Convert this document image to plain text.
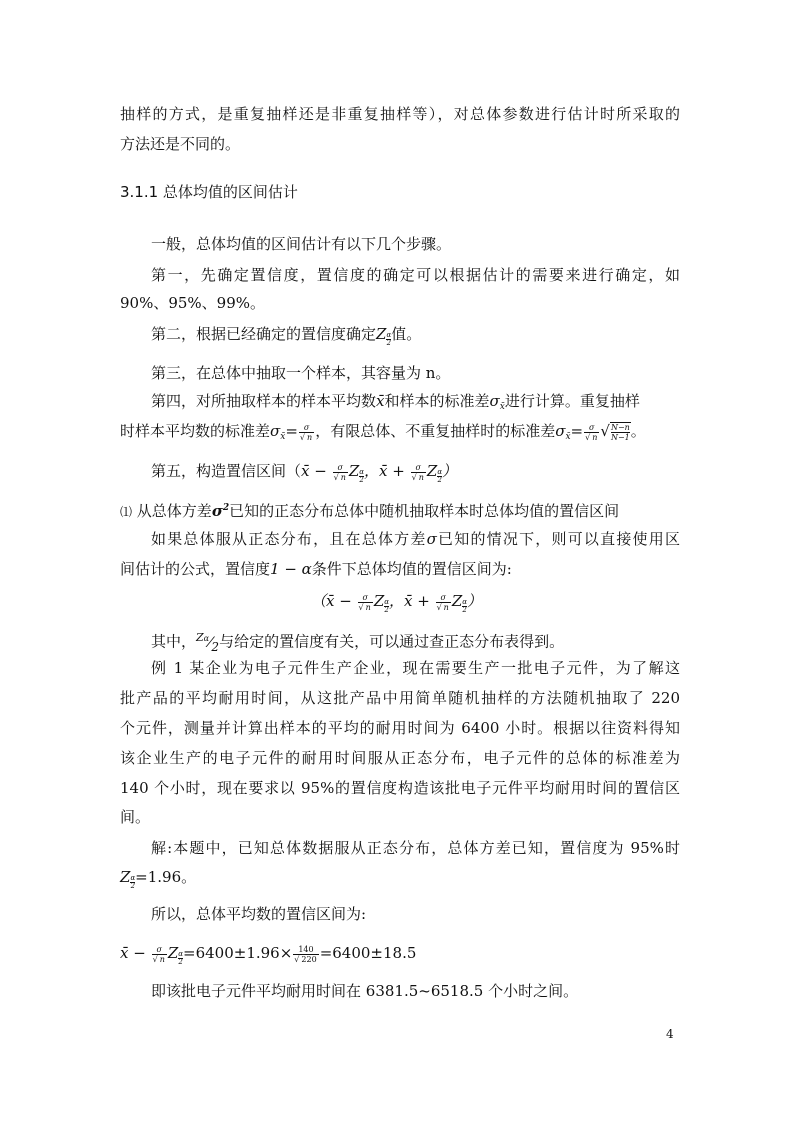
抽样的方式，是重复抽样还是非重复抽样等），对总体参数进行估计时所采取的
方法还是不同的。
3.1.1 总体均值的区间估计
一般，总体均值的区间估计有以下几个步骤。
第一，先确定置信度，置信度的确定可以根据估计的需要来进行确定，如
90%、95%、99%。
第二，根据已经确定的置信度确定Z $\frac{\alpha}{2}$ 值。
第三，在总体中抽取一个样本，其容量为 n。
第四，对所抽取样本的样本平均数x̄和样本的标准差$\sigma_{x̄}$进行计算。重复抽样
时样本平均数的标准差$\sigma_{x̄}= \frac{\sigma}{√ n}$ ，有限总体、不重复抽样时的标准差$\sigma_{x̄}= \frac{\sigma}{√ n}$ √ $\frac{N-n}{N-1}$ 。
第五，构造置信区间（x̄ − $\frac{\sigma}{√ n}$ Z $\frac{\alpha}{2}$ ，x̄ + $\frac{\sigma}{√ n}$ Z $\frac{\alpha}{2}$ ）
⑴ 从总体方差$\sigma^2$已知的正态分布总体中随机抽取样本时总体均值的置信区间
如果总体服从正态分布，且在总体方差σ已知的情况下，则可以直接使用区
间估计的公式，置信度1 − α条件下总体均值的置信区间为:
（x̄ − $\frac{\sigma}{√ n}$ Z $\frac{\alpha}{2}$ ，x̄ + $\frac{\sigma}{√ n}$ Z $\frac{\alpha}{2}$ ）
其中，$^{Z\alpha}⁄_2$与给定的置信度有关，可以通过查正态分布表得到。
例 1 某企业为电子元件生产企业，现在需要生产一批电子元件，为了解这
批产品的平均耐用时间，从这批产品中用简单随机抽样的方法随机抽取了 220
个元件，测量并计算出样本的平均的耐用时间为 6400 小时。根据以往资料得知
该企业生产的电子元件的耐用时间服从正态分布，电子元件的总体的标准差为
140 个小时，现在要求以 95%的置信度构造该批电子元件平均耐用时间的置信区
间。
解:本题中，已知总体数据服从正态分布，总体方差已知，置信度为 95%时
Z $\frac{\alpha}{2} =1.96$。
所以，总体平均数的置信区间为:
x̄ − $\frac{\sigma}{√ n}$ Z $\frac{\alpha}{2} =6400\pm 1.96\times \frac{140}{√ 220} =6400\pm 18.5$
即该批电子元件平均耐用时间在 6381.5~6518.5 个小时之间。
4
